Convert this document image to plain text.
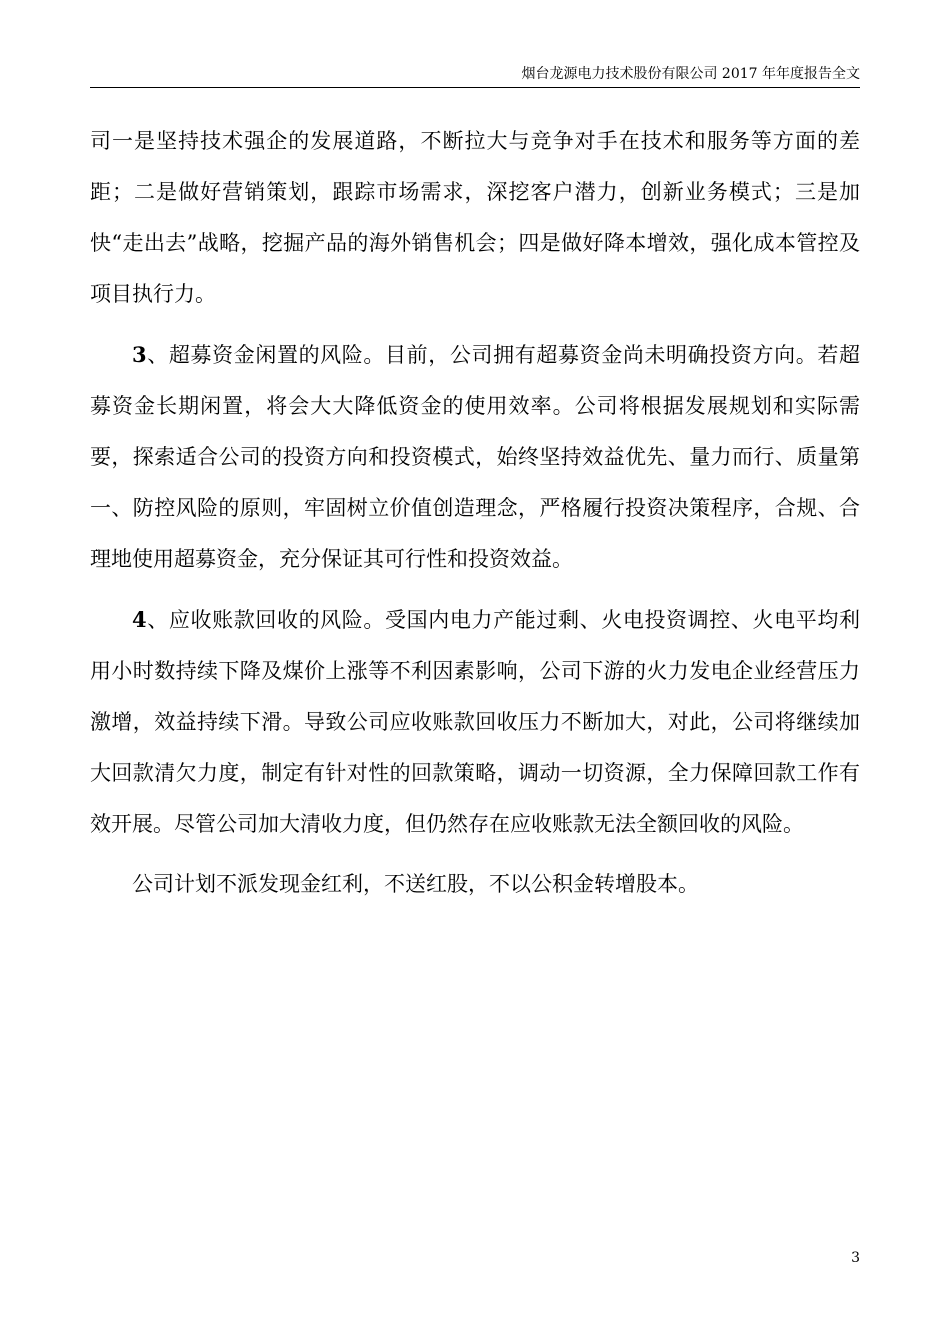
烟台龙源电力技术股份有限公司 2017 年年度报告全文

司一是坚持技术强企的发展道路，不断拉大与竞争对手在技术和服务等方面的差距；二是做好营销策划，跟踪市场需求，深挖客户潜力，创新业务模式；三是加快“走出去”战略，挖掘产品的海外销售机会；四是做好降本增效，强化成本管控及项目执行力。

3、超募资金闲置的风险。目前，公司拥有超募资金尚未明确投资方向。若超募资金长期闲置，将会大大降低资金的使用效率。公司将根据发展规划和实际需要，探索适合公司的投资方向和投资模式，始终坚持效益优先、量力而行、质量第一、防控风险的原则，牢固树立价值创造理念，严格履行投资决策程序，合规、合理地使用超募资金，充分保证其可行性和投资效益。

4、应收账款回收的风险。受国内电力产能过剩、火电投资调控、火电平均利用小时数持续下降及煤价上涨等不利因素影响，公司下游的火力发电企业经营压力激增，效益持续下滑。导致公司应收账款回收压力不断加大，对此，公司将继续加大回款清欠力度，制定有针对性的回款策略，调动一切资源，全力保障回款工作有效开展。尽管公司加大清收力度，但仍然存在应收账款无法全额回收的风险。

公司计划不派发现金红利，不送红股，不以公积金转增股本。

3
